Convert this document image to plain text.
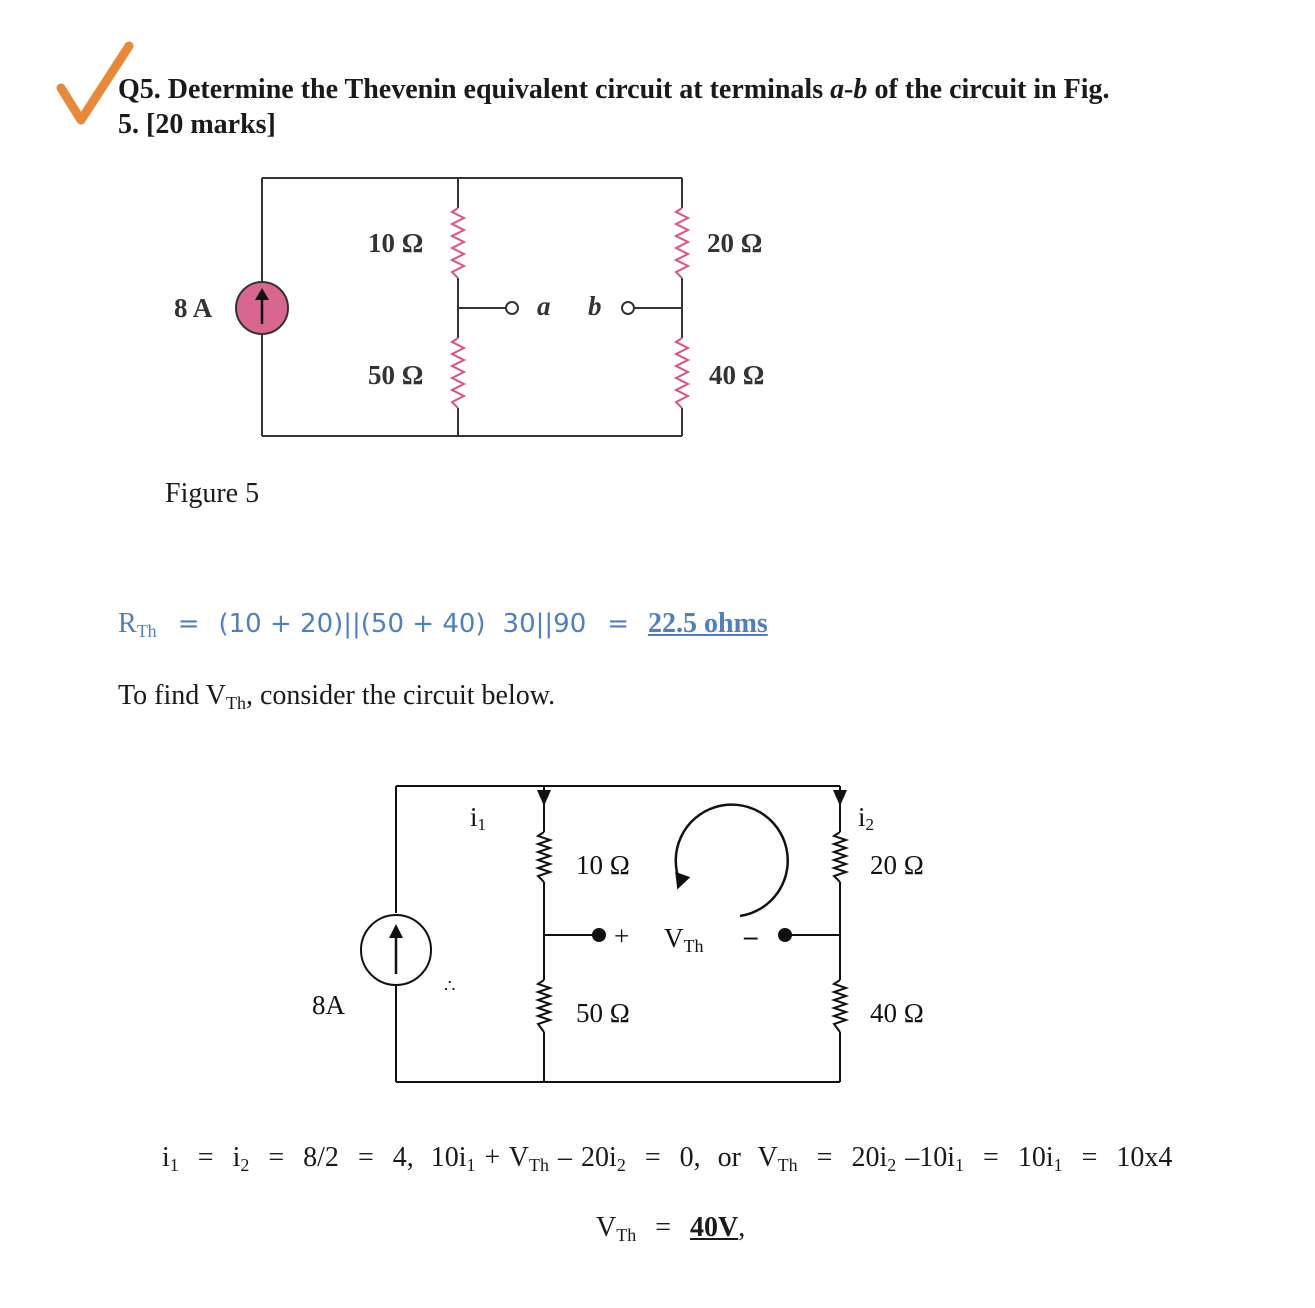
Q5. Determine the Thevenin equivalent circuit at terminals a-b of the circuit in Fig.
5. [20 marks]
8 A
10 Ω
50 Ω
20 Ω
40 Ω
a b
Figure 5
$R_{Th} = (10 + 20)||(50 + 40) 30||90 = 22.5$ ohms
To find $V_{Th}$, consider the circuit below.
8A
i1	i2
10 Ω
50 Ω
20 Ω
40 Ω
+	–
VTh
∴
$i_1 = i_2 = 8/2 = 4$, $10i_1 + V_{Th} - 20i_2 = 0$, or $V_{Th} = 20i_2$ $-10i_1 = 10i_1 = 10x4$
$V_{Th} = 40V$,
